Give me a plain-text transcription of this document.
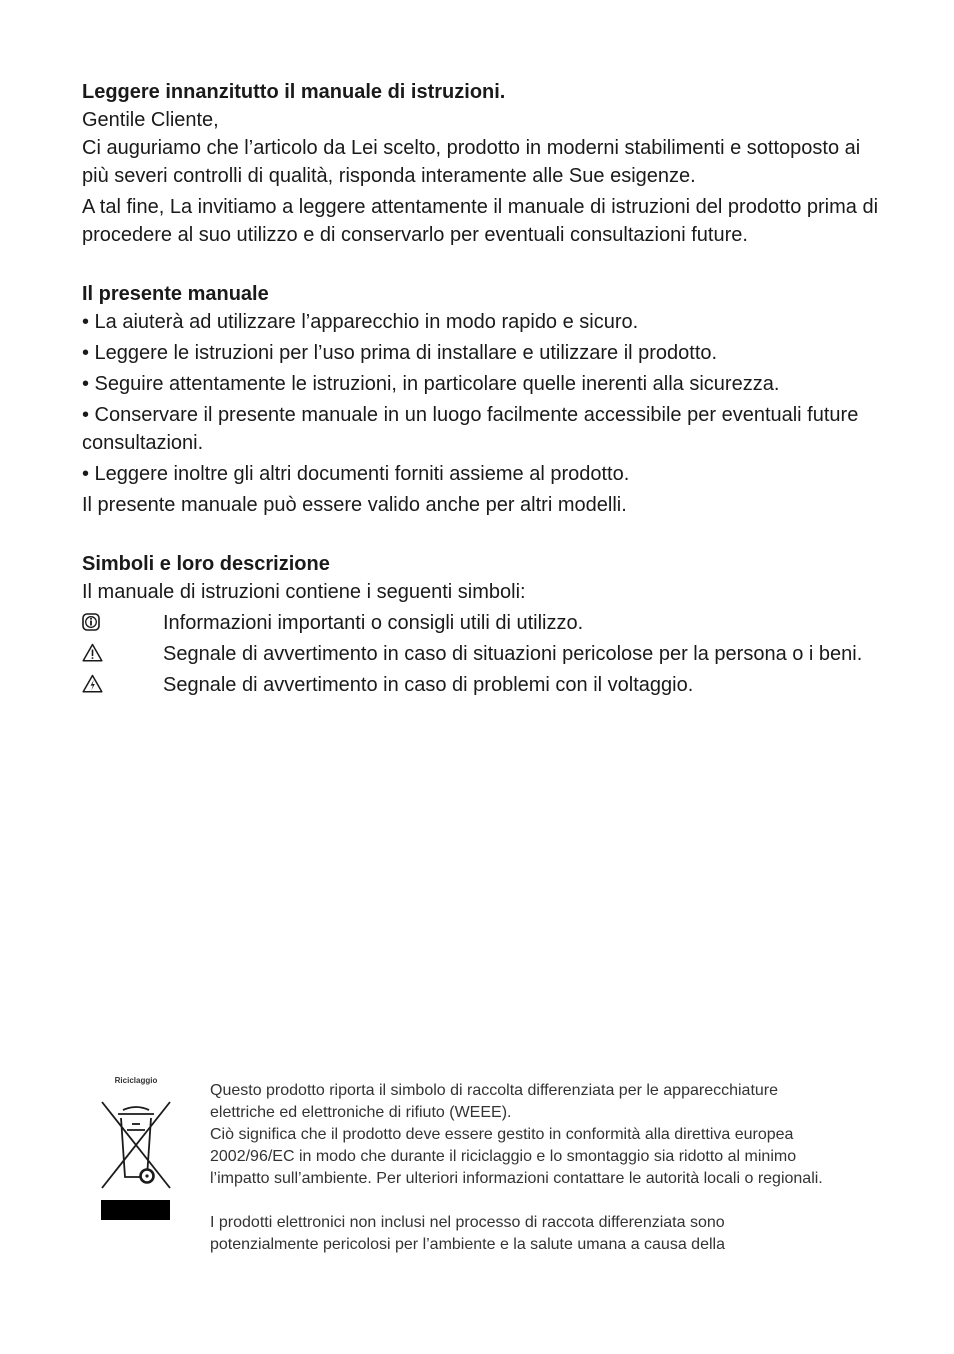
Leggere innanzitutto il manuale di istruzioni.

Gentile Cliente,

Ci auguriamo che l’articolo da Lei scelto, prodotto in moderni stabilimenti e sottoposto ai più severi controlli di qualità, risponda interamente alle Sue esigenze.

A tal fine, La invitiamo a leggere attentamente il manuale di istruzioni del prodotto prima di procedere al suo utilizzo e di conservarlo per eventuali consultazioni future.

Il presente manuale

• La aiuterà ad utilizzare l’apparecchio in modo rapido e sicuro.

• Leggere le istruzioni per l’uso prima di installare e utilizzare il prodotto.

• Seguire attentamente le istruzioni, in particolare quelle inerenti alla sicurezza.

• Conservare il presente manuale in un luogo facilmente accessibile per eventuali future consultazioni.

• Leggere inoltre gli altri documenti forniti assieme al prodotto.

Il presente manuale può essere valido anche per altri modelli.

Simboli e loro descrizione

Il manuale di istruzioni contiene i seguenti simboli:

Informazioni importanti o consigli utili di utilizzo.

Segnale di avvertimento in caso di situazioni pericolose per la persona o i beni.

Segnale di avvertimento in caso di problemi con il voltaggio.

Riciclaggio

Questo prodotto riporta il simbolo di raccolta differenziata per le apparecchiature elettriche ed elettroniche di rifiuto (WEEE).

Ciò significa che il prodotto deve essere gestito in conformità alla direttiva europea 2002/96/EC in modo che durante il riciclaggio e lo smontaggio sia ridotto al minimo l’impatto sull’ambiente. Per ulteriori informazioni contattare le autorità locali o regionali.

I prodotti elettronici non inclusi nel processo di raccota differenziata sono potenzialmente pericolosi per l’ambiente e la salute umana a causa della
